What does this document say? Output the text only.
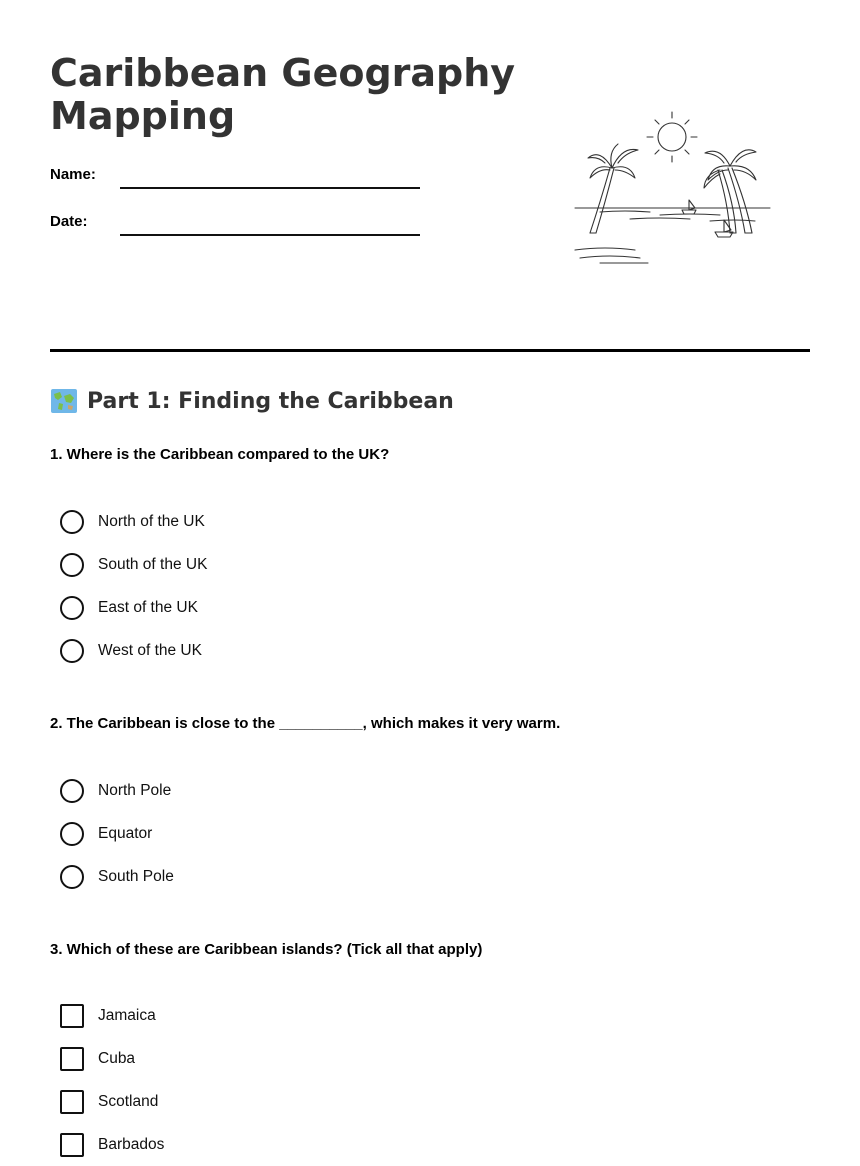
Caribbean Geography Mapping
Name:
Date:
Part 1: Finding the Caribbean
1. Where is the Caribbean compared to the UK?
North of the UK
South of the UK
East of the UK
West of the UK
2. The Caribbean is close to the __________, which makes it very warm.
North Pole
Equator
South Pole
3. Which of these are Caribbean islands? (Tick all that apply)
Jamaica
Cuba
Scotland
Barbados
